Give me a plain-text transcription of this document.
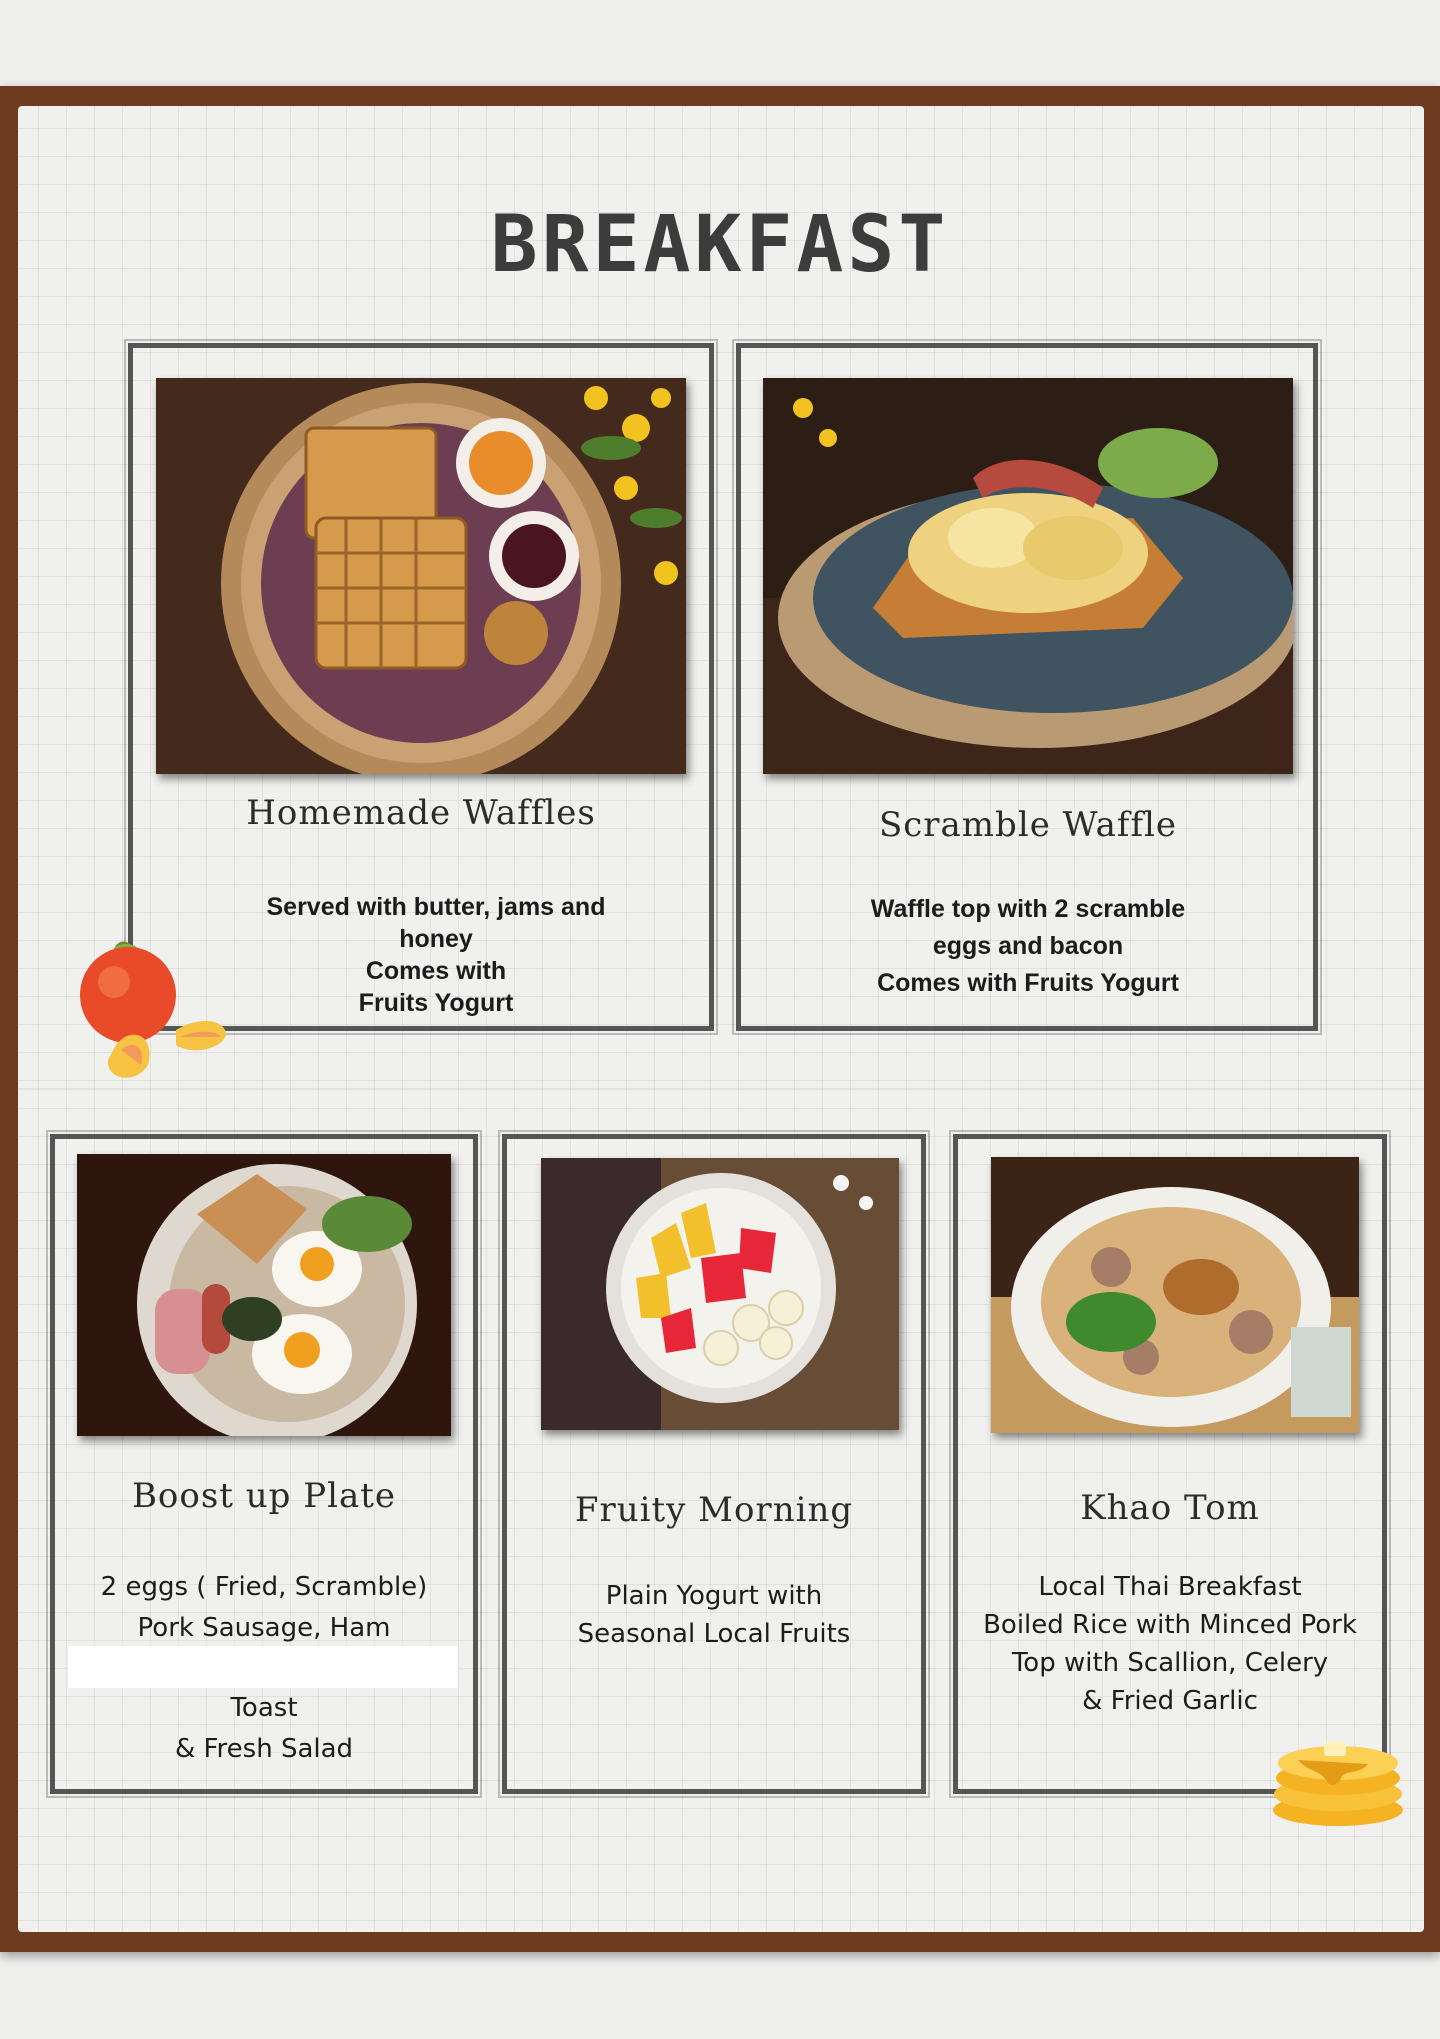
BREAKFAST
Homemade Waffles
Served with butter, jams and
honey
Comes with
Fruits Yogurt
Scramble Waffle
Waffle top with 2 scramble
eggs and bacon
Comes with Fruits Yogurt
Boost up Plate
2 eggs ( Fried, Scramble)
Pork Sausage, Ham
Toast
& Fresh Salad
Fruity Morning
Plain Yogurt with
Seasonal Local Fruits
Khao Tom
Local Thai Breakfast
Boiled Rice with Minced Pork
Top with Scallion, Celery
& Fried Garlic
